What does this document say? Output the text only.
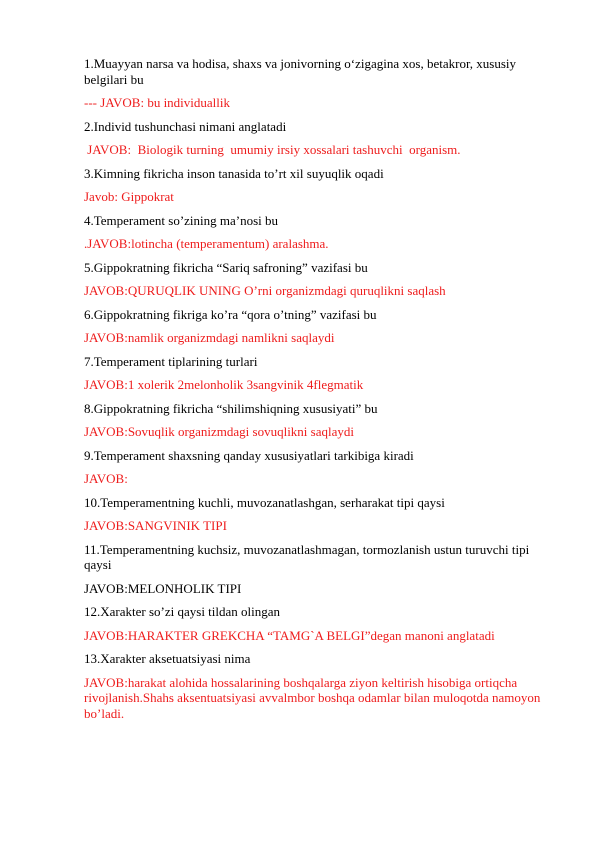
1.Muayyan narsa va hodisa, shaxs va jonivorning o‘zigagina xos, betakror, xususiy belgilari bu

--- JAVOB: bu individuallik

2.Individ tushunchasi nimani anglatadi

JAVOB:  Biologik turning  umumiy irsiy xossalari tashuvchi  organism.

3.Kimning fikricha inson tanasida to’rt xil suyuqlik oqadi

Javob: Gippokrat

4.Temperament so’zining ma’nosi bu

.JAVOB:lotincha (temperamentum) aralashma.

5.Gippokratning fikricha “Sariq safroning” vazifasi bu

JAVOB:QURUQLIK UNING O’rni organizmdagi quruqlikni saqlash

6.Gippokratning fikriga ko’ra “qora o’tning” vazifasi bu

JAVOB:namlik organizmdagi namlikni saqlaydi

7.Temperament tiplarining turlari

JAVOB:1 xolerik 2melonholik 3sangvinik 4flegmatik

8.Gippokratning fikricha “shilimshiqning xususiyati” bu

JAVOB:Sovuqlik organizmdagi sovuqlikni saqlaydi

9.Temperament shaxsning qanday xususiyatlari tarkibiga kiradi

JAVOB:

10.Temperamentning kuchli, muvozanatlashgan, serharakat tipi qaysi

JAVOB:SANGVINIK TIPI

11.Temperamentning kuchsiz, muvozanatlashmagan, tormozlanish ustun turuvchi tipi qaysi

JAVOB:MELONHOLIK TIPI

12.Xarakter so’zi qaysi tildan olingan

JAVOB:HARAKTER GREKCHA “TAMG`A BELGI”degan manoni anglatadi

13.Xarakter aksetuatsiyasi nima

JAVOB:harakat alohida hossalarining boshqalarga ziyon keltirish hisobiga ortiqcha rivojlanish.Shahs aksentuatsiyasi avvalmbor boshqa odamlar bilan muloqotda namoyon bo’ladi.
